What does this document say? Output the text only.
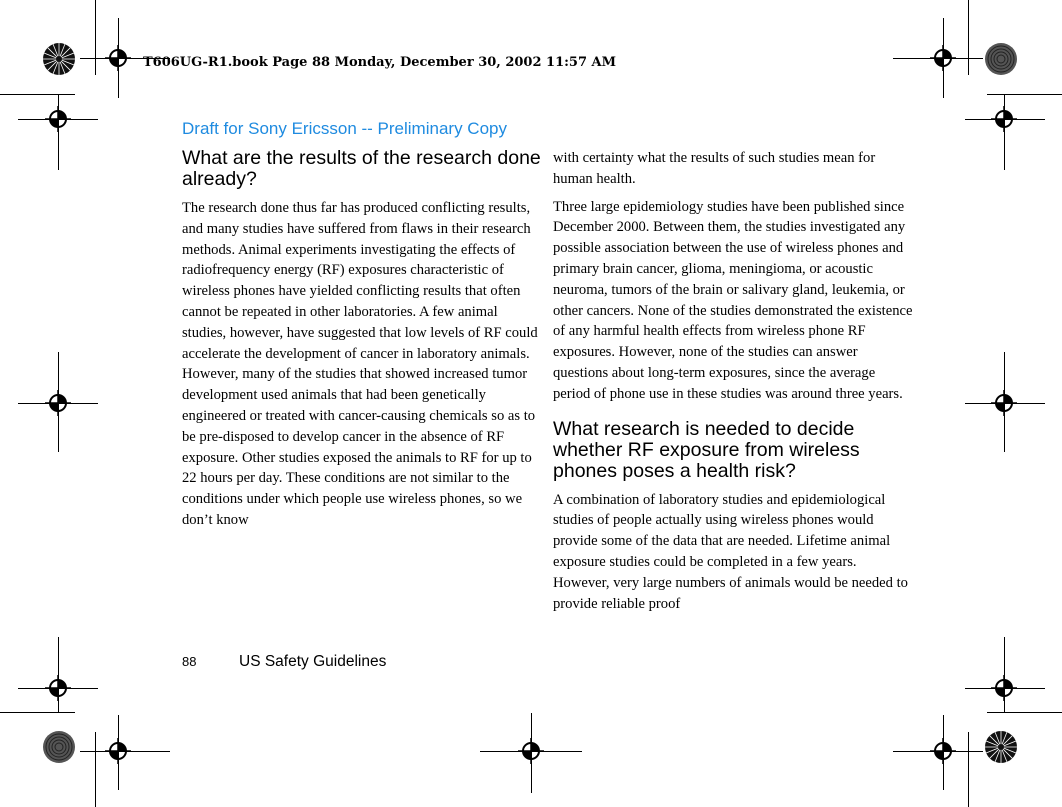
T606UG-R1.book Page 88 Monday, December 30, 2002 11:57 AM
Draft for Sony Ericsson -- Preliminary Copy
What are the results of the research done already?

The research done thus far has produced conflicting results, and many studies have suffered from flaws in their research methods. Animal experiments investigating the effects of radiofrequency energy (RF) exposures characteristic of wireless phones have yielded conflicting results that often cannot be repeated in other laboratories. A few animal studies, however, have suggested that low levels of RF could accelerate the development of cancer in laboratory animals. However, many of the studies that showed increased tumor development used animals that had been genetically engineered or treated with cancer-causing chemicals so as to be pre-disposed to develop cancer in the absence of RF exposure. Other studies exposed the animals to RF for up to 22 hours per day. These conditions are not similar to the conditions under which people use wireless phones, so we don’t know

with certainty what the results of such studies mean for human health.

Three large epidemiology studies have been published since December 2000. Between them, the studies investigated any possible association between the use of wireless phones and primary brain cancer, glioma, meningioma, or acoustic neuroma, tumors of the brain or salivary gland, leukemia, or other cancers. None of the studies demonstrated the existence of any harmful health effects from wireless phone RF exposures. However, none of the studies can answer questions about long-term exposures, since the average period of phone use in these studies was around three years.

What research is needed to decide whether RF exposure from wireless phones poses a health risk?

A combination of laboratory studies and epidemiological studies of people actually using wireless phones would provide some of the data that are needed. Lifetime animal exposure studies could be completed in a few years. However, very large numbers of animals would be needed to provide reliable proof

88	US Safety Guidelines
